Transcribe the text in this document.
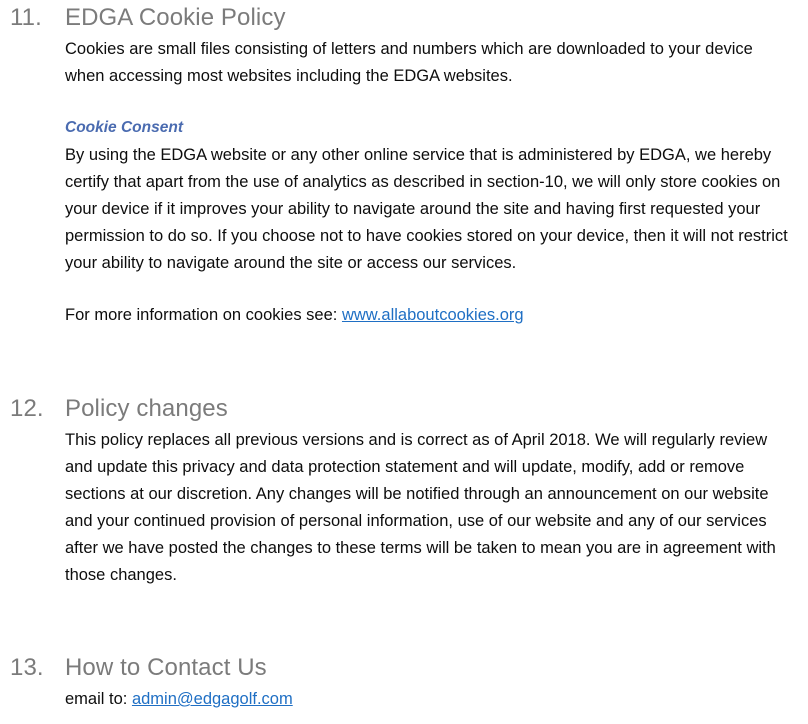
11. EDGA Cookie Policy

Cookies are small files consisting of letters and numbers which are downloaded to your device when accessing most websites including the EDGA websites.

Cookie Consent

By using the EDGA website or any other online service that is administered by EDGA, we hereby certify that apart from the use of analytics as described in section-10, we will only store cookies on your device if it improves your ability to navigate around the site and having first requested your permission to do so. If you choose not to have cookies stored on your device, then it will not restrict your ability to navigate around the site or access our services.

For more information on cookies see: www.allaboutcookies.org

12. Policy changes

This policy replaces all previous versions and is correct as of April 2018. We will regularly review and update this privacy and data protection statement and will update, modify, add or remove sections at our discretion. Any changes will be notified through an announcement on our website and your continued provision of personal information, use of our website and any of our services after we have posted the changes to these terms will be taken to mean you are in agreement with those changes.

13. How to Contact Us

email to: admin@edgagolf.com
